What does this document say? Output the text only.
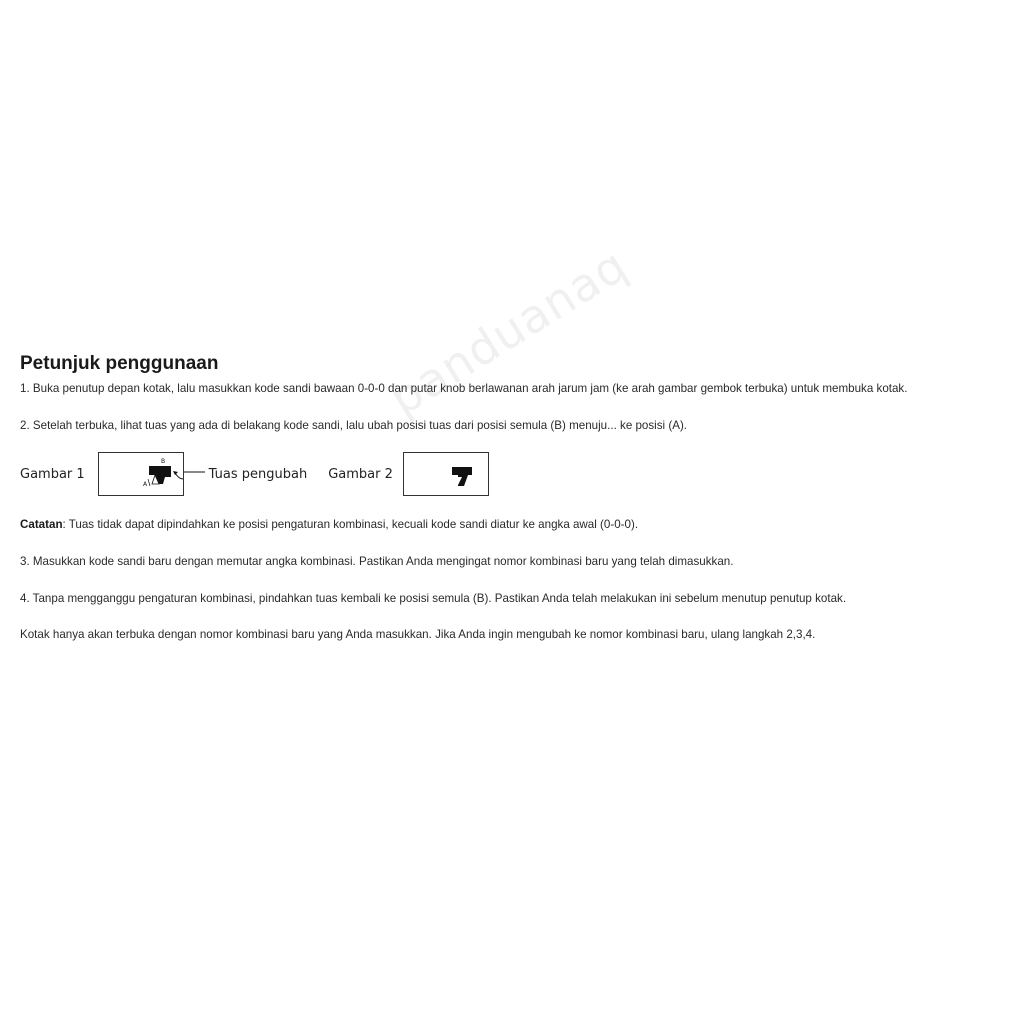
panduanaq
Petunjuk penggunaan

1. Buka penutup depan kotak, lalu masukkan kode sandi bawaan 0-0-0 dan putar knob berlawanan arah jarum jam (ke arah gambar gembok terbuka) untuk membuka kotak.

2. Setelah terbuka, lihat tuas yang ada di belakang kode sandi, lalu ubah posisi tuas dari posisi semula (B) menuju... ke posisi (A).

Gambar 1
B
A
Tuas pengubah Gambar 2

Catatan: Tuas tidak dapat dipindahkan ke posisi pengaturan kombinasi, kecuali kode sandi diatur ke angka awal (0-0-0).

3. Masukkan kode sandi baru dengan memutar angka kombinasi. Pastikan Anda mengingat nomor kombinasi baru yang telah dimasukkan.

4. Tanpa mengganggu pengaturan kombinasi, pindahkan tuas kembali ke posisi semula (B). Pastikan Anda telah melakukan ini sebelum menutup penutup kotak.

Kotak hanya akan terbuka dengan nomor kombinasi baru yang Anda masukkan. Jika Anda ingin mengubah ke nomor kombinasi baru, ulang langkah 2,3,4.
